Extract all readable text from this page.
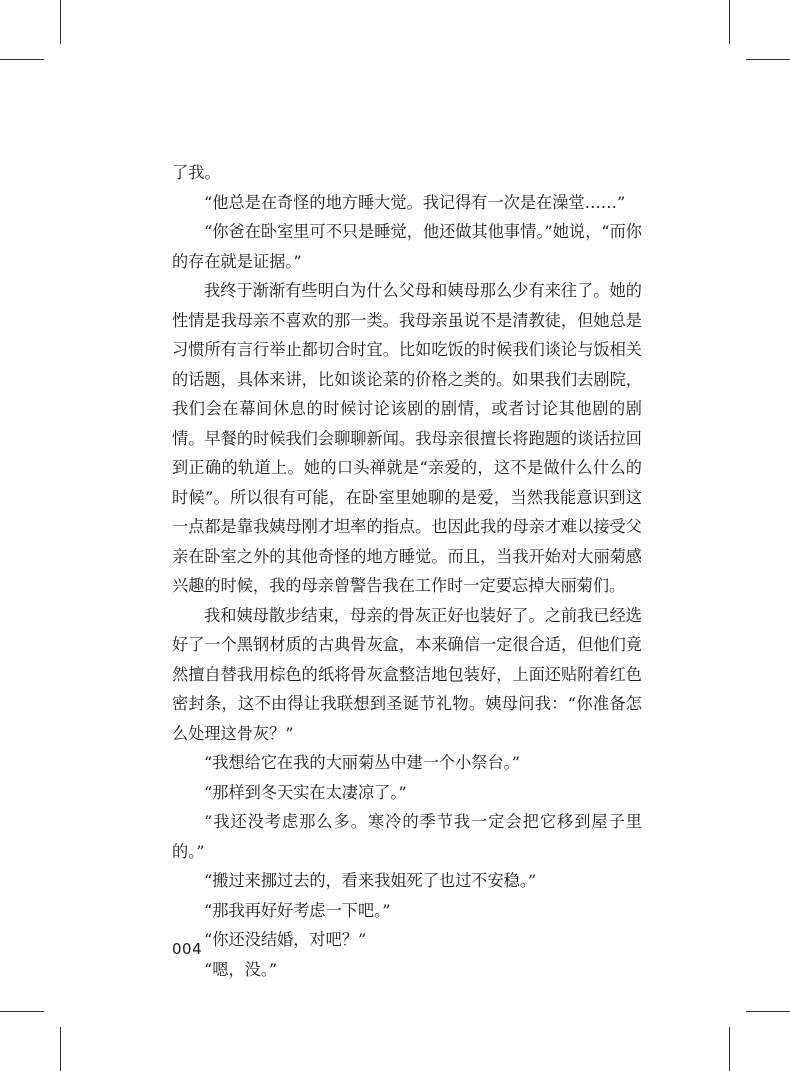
了我。

“他总是在奇怪的地方睡大觉。我记得有一次是在澡堂……”

“你爸在卧室里可不只是睡觉，他还做其他事情。”她说，“而你的存在就是证据。”

我终于渐渐有些明白为什么父母和姨母那么少有来往了。她的性情是我母亲不喜欢的那一类。我母亲虽说不是清教徒，但她总是习惯所有言行举止都切合时宜。比如吃饭的时候我们谈论与饭相关的话题，具体来讲，比如谈论菜的价格之类的。如果我们去剧院，我们会在幕间休息的时候讨论该剧的剧情，或者讨论其他剧的剧情。早餐的时候我们会聊聊新闻。我母亲很擅长将跑题的谈话拉回到正确的轨道上。她的口头禅就是“亲爱的，这不是做什么什么的时候”。所以很有可能，在卧室里她聊的是爱，当然我能意识到这一点都是靠我姨母刚才坦率的指点。也因此我的母亲才难以接受父亲在卧室之外的其他奇怪的地方睡觉。而且，当我开始对大丽菊感兴趣的时候，我的母亲曾警告我在工作时一定要忘掉大丽菊们。

我和姨母散步结束，母亲的骨灰正好也装好了。之前我已经选好了一个黑钢材质的古典骨灰盒，本来确信一定很合适，但他们竟然擅自替我用棕色的纸将骨灰盒整洁地包装好，上面还贴附着红色密封条，这不由得让我联想到圣诞节礼物。姨母问我：“你准备怎么处理这骨灰？”

“我想给它在我的大丽菊丛中建一个小祭台。”

“那样到冬天实在太凄凉了。”

“我还没考虑那么多。寒冷的季节我一定会把它移到屋子里的。”

“搬过来挪过去的，看来我姐死了也过不安稳。”

“那我再好好考虑一下吧。”

“你还没结婚，对吧？”

“嗯，没。”

004
